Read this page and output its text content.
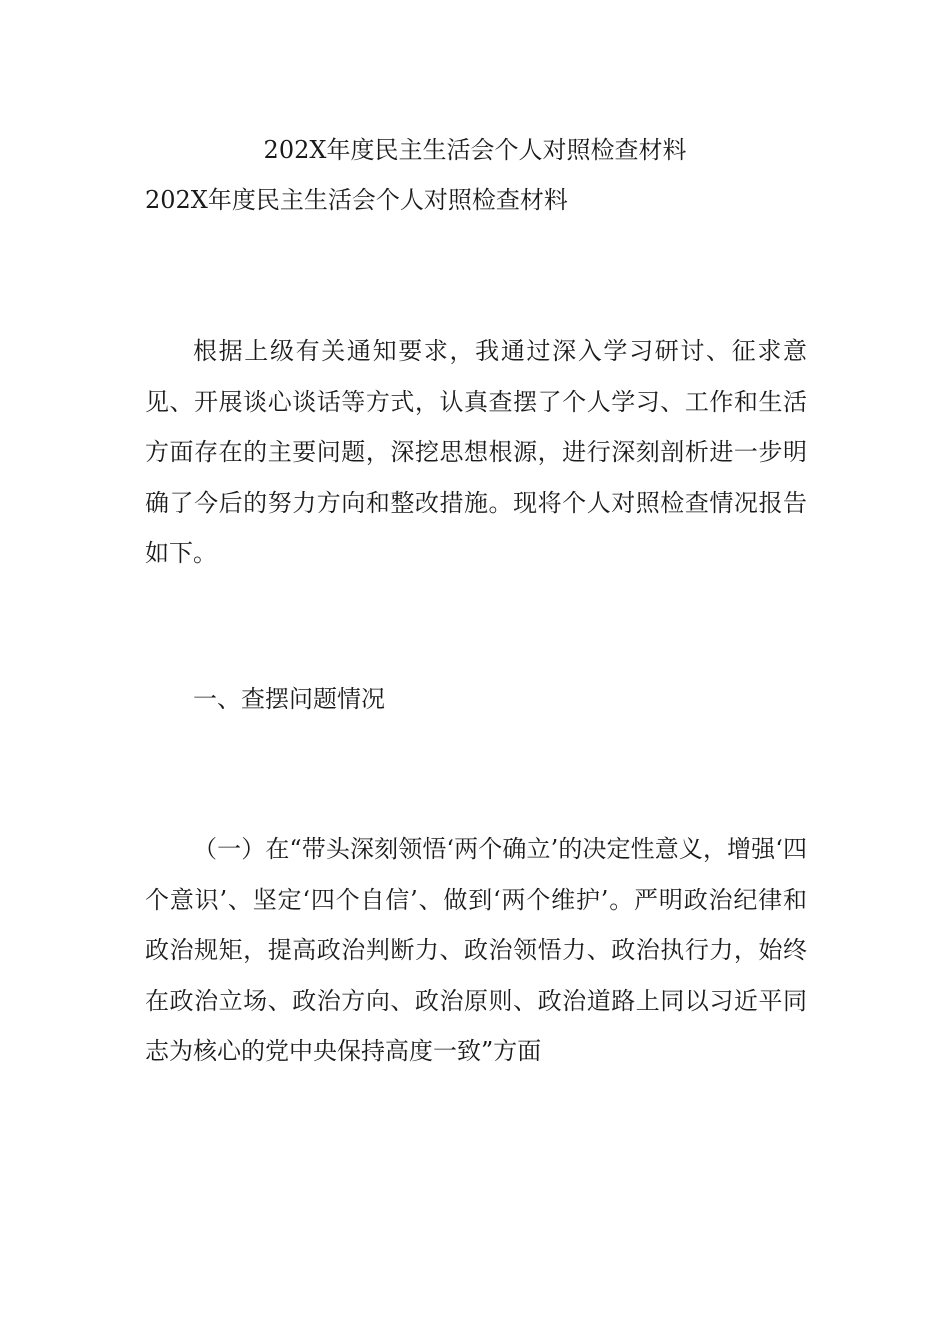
202X年度民主生活会个人对照检查材料
202X年度民主生活会个人对照检查材料

根据上级有关通知要求，我通过深入学习研讨、征求意见、开展谈心谈话等方式，认真查摆了个人学习、工作和生活方面存在的主要问题，深挖思想根源，进行深刻剖析进一步明确了今后的努力方向和整改措施。现将个人对照检查情况报告如下。

一、查摆问题情况

（一）在“带头深刻领悟‘两个确立’的决定性意义，增强‘四个意识’、坚定‘四个自信’、做到‘两个维护’。严明政治纪律和政治规矩，提高政治判断力、政治领悟力、政治执行力，始终在政治立场、政治方向、政治原则、政治道路上同以习近平同志为核心的党中央保持高度一致”方面
